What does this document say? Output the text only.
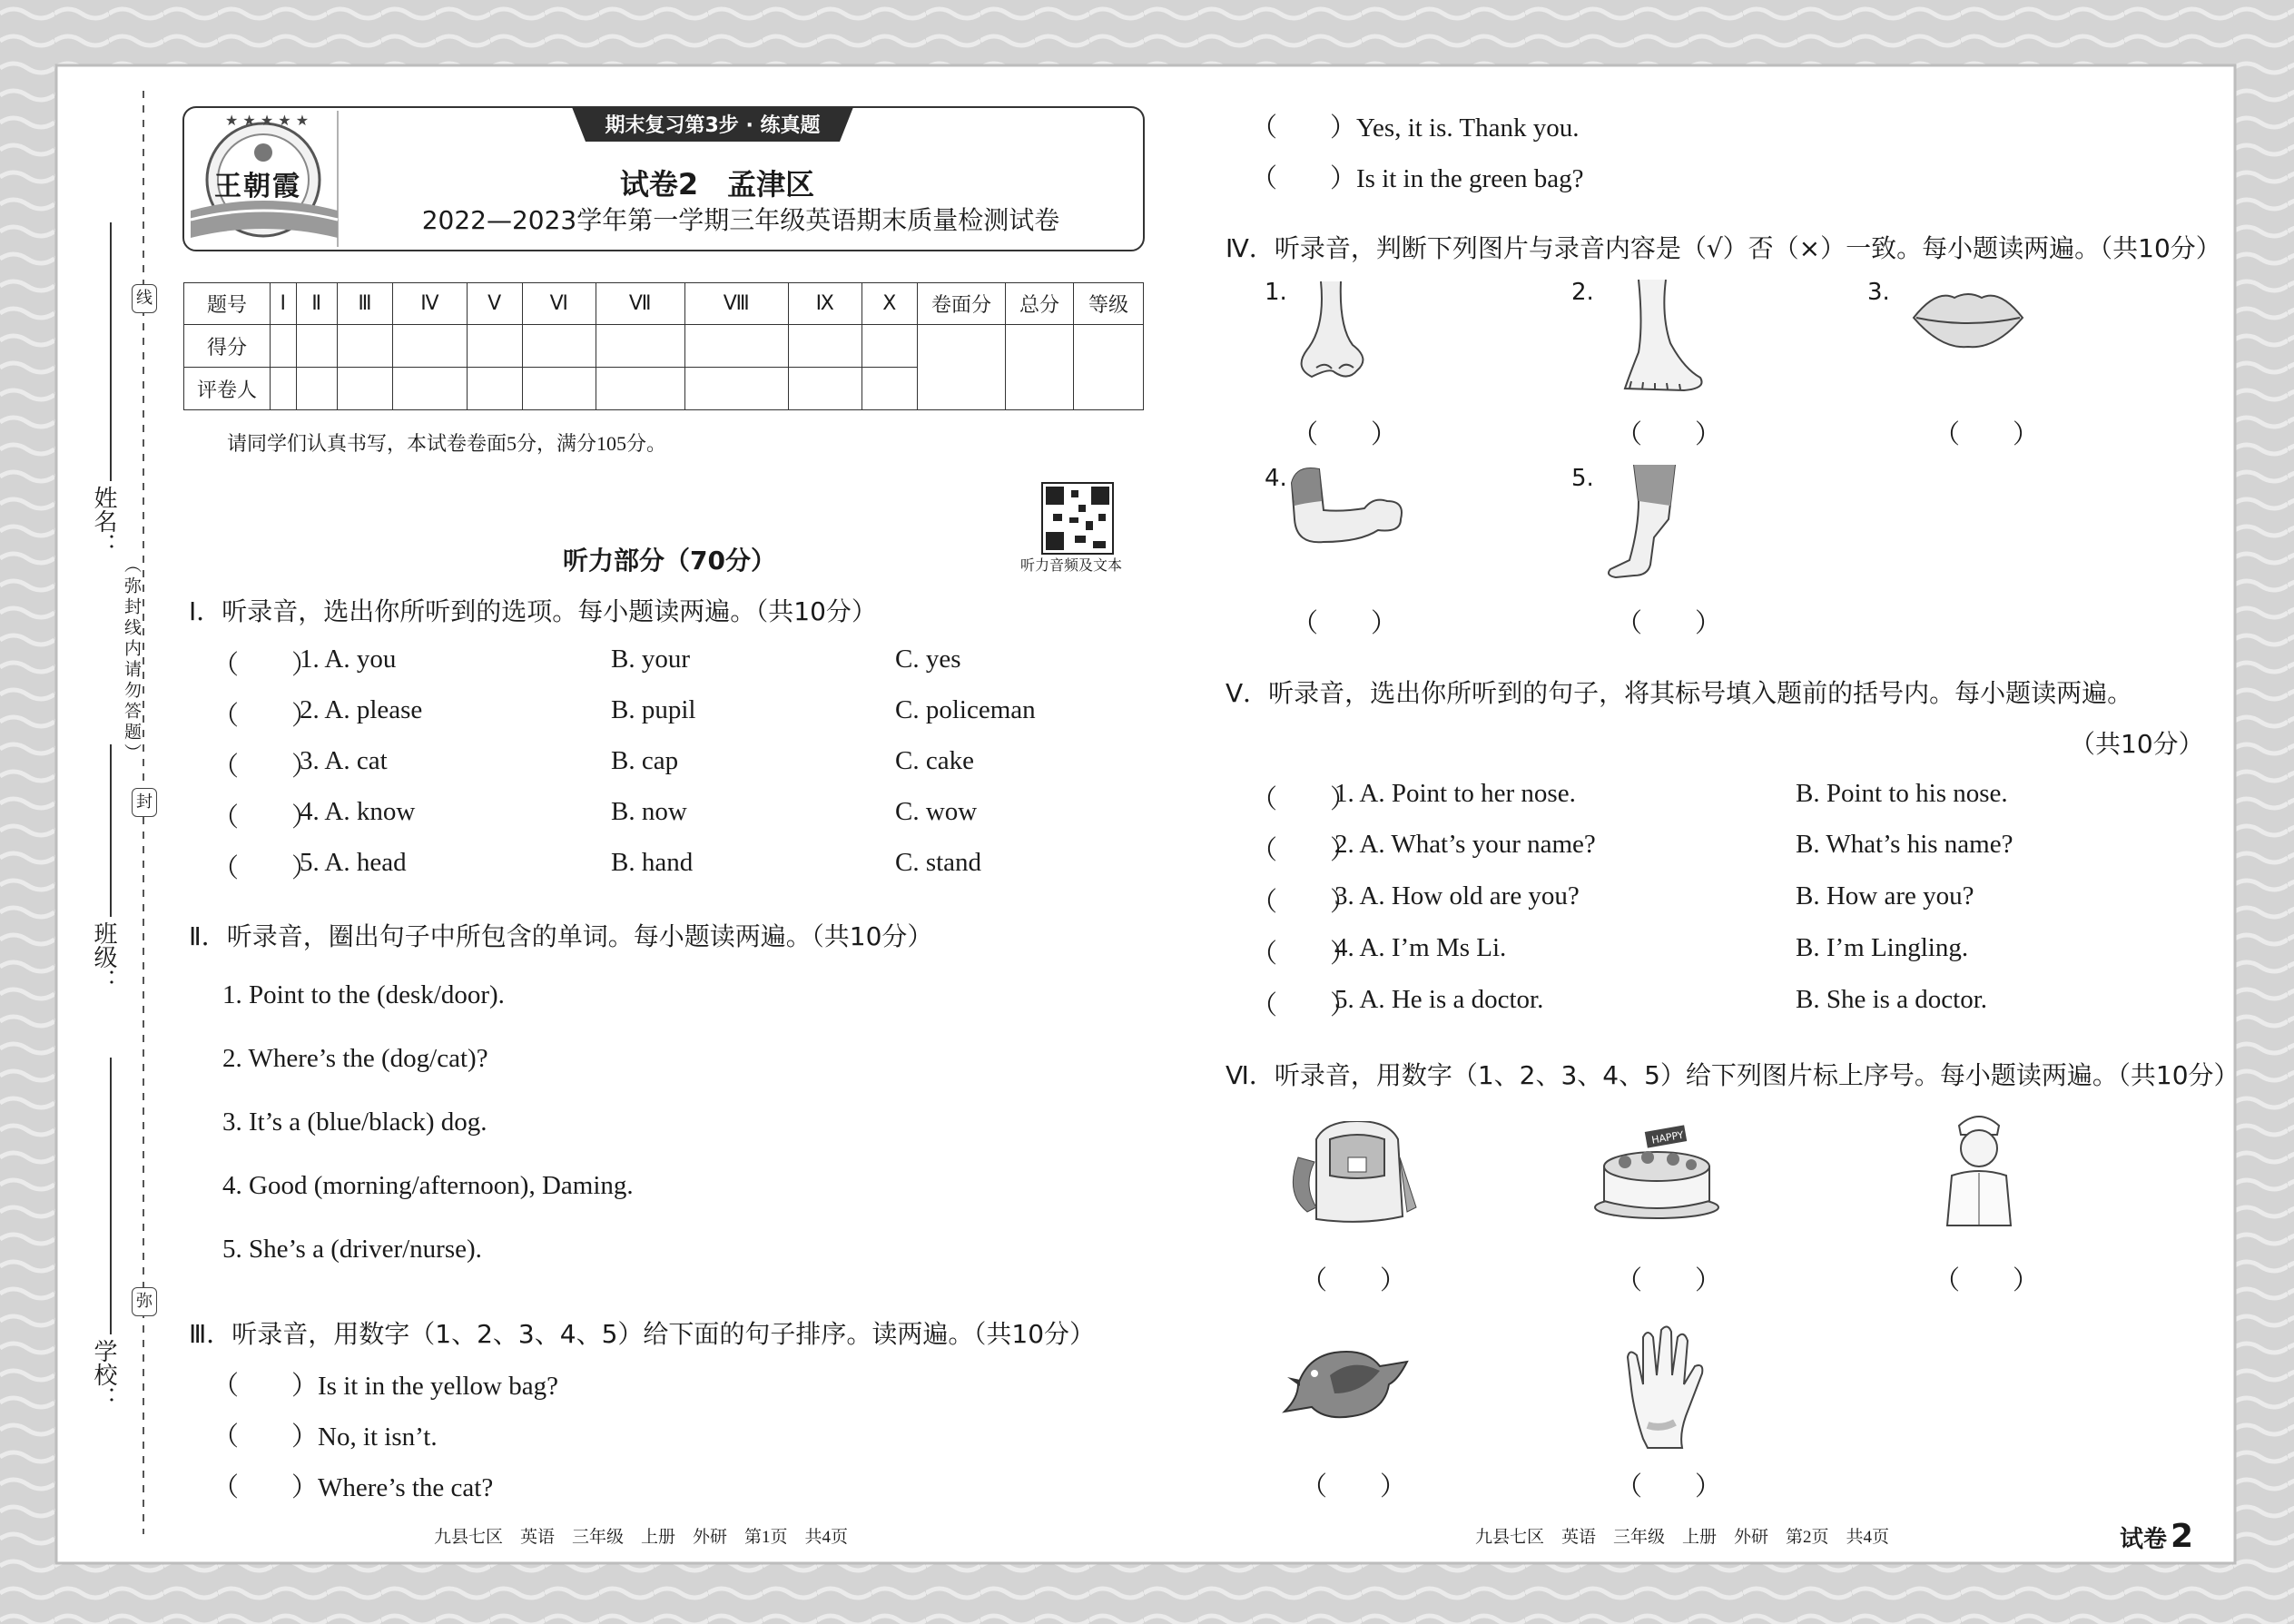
★ ★ ★ ★ ★
姓名：
班级：
学校：
（弥封线内请勿答题）
线
封
弥
期末复习第3步 · 练真题
王朝霞	试卷2　孟津区
2022—2023学年第一学期三年级英语期末质量检测试卷
题号	Ⅰ	Ⅱ	Ⅲ	Ⅳ	Ⅴ	Ⅵ	Ⅶ	Ⅷ	Ⅸ	Ⅹ	卷面分	总分	等级
得分													
评卷人													
请同学们认真书写，本试卷卷面5分，满分105分。
听力音频及文本
听力部分（70分）
Ⅰ．听录音，选出你所听到的选项。每小题读两遍。（共10分）
（　　）
1. A. you	B. your	C. yes
（　　）
2. A. please	B. pupil	C. policeman
（　　）
3. A. cat	B. cap	C. cake
（　　）
4. A. know	B. now	C. wow
（　　）
5. A. head	B. hand	C. stand
Ⅱ．听录音，圈出句子中所包含的单词。每小题读两遍。（共10分）
1. Point to the (desk/door).
2. Where’s the (dog/cat)?
3. It’s a (blue/black) dog.
4. Good (morning/afternoon), Daming.
5. She’s a (driver/nurse).
Ⅲ．听录音，用数字（1、2、3、4、5）给下面的句子排序。读两遍。（共10分）
（　　）Is it in the yellow bag?
（　　）No, it isn’t.
（　　）Where’s the cat?
（　　）Yes, it is. Thank you.
（　　）Is it in the green bag?
Ⅳ．听录音，判断下列图片与录音内容是（√）否（×）一致。每小题读两遍。（共10分）
1.	2.	3.
4.	5.
（　　）	（　　）	（　　）
（　　）	（　　）
Ⅴ．听录音，选出你所听到的句子，将其标号填入题前的括号内。每小题读两遍。
（共10分）
（　　）
1. A. Point to her nose.	B. Point to his nose.
（　　）
2. A. What’s your name?	B. What’s his name?
（　　）
3. A. How old are you?	B. How are you?
（　　）
4. A. I’m Ms Li.	B. I’m Lingling.
（　　）
5. A. He is a doctor.	B. She is a doctor.
Ⅵ．听录音，用数字（1、2、3、4、5）给下列图片标上序号。每小题读两遍。（共10分）
HAPPY
（　　）	（　　）	（　　）
（　　）	（　　）
九县七区　英语　三年级　上册　外研　第1页　共4页	九县七区　英语　三年级　上册　外研　第2页　共4页	试卷 2
